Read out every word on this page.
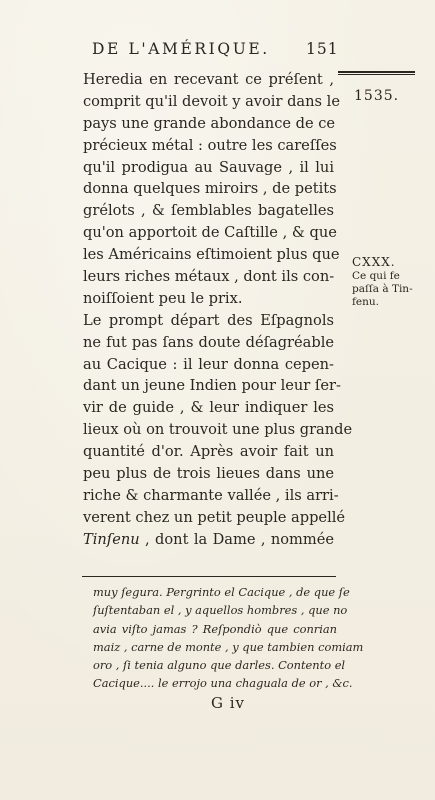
DE L'AMÉRIQUE. 151
1535.
Heredia en recevant ce préſent ,
comprit qu'il devoit y avoir dans le
pays une grande abondance de ce
précieux métal : outre les careſſes
qu'il prodigua au Sauvage , il lui
donna quelques miroirs , de petits
grélots , & ſemblables bagatelles
qu'on apportoit de Caſtille , & que
les Américains eſtimoient plus que
leurs riches métaux , dont ils con-
noiſſoient peu le prix.
Le prompt départ des Eſpagnols
ne fut pas ſans doute déſagréable
au Cacique : il leur donna cepen-
dant un jeune Indien pour leur ſer-
vir de guide , & leur indiquer les
lieux où on trouvoit une plus grande
quantité d'or. Après avoir fait un
peu plus de trois lieues dans une
riche & charmante vallée , ils arri-
verent chez un petit peuple appellé
Tinſenu , dont la Dame , nommée
CXXX.
Ce qui fe
paſſa à Tin-
fenu.
muy ſegura. Pergrinto el Cacique , de que ſe
ſuſtentaban el , y aquellos hombres , que no
avia viſto jamas ? Reſpondiò que conrian
maiz , carne de monte , y que tambien comiam
oro , ſi tenia alguno que darles. Contento el
Cacique.... le errojo una chaguala de or , &c.
G iv
